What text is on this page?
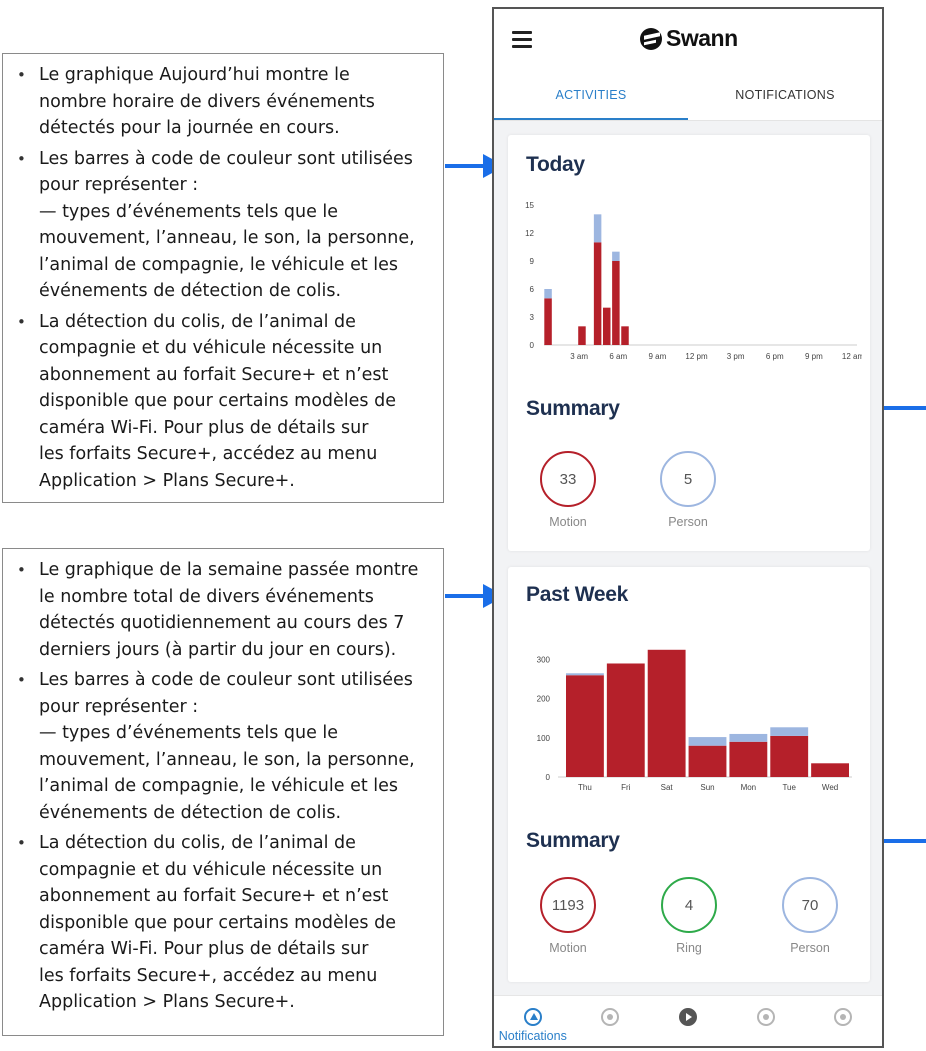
• Le graphique Aujourd’hui montre le
nombre horaire de divers événements
détectés pour la journée en cours.
• Les barres à code de couleur sont utilisées
pour représenter :
— types d’événements tels que le
mouvement, l’anneau, le son, la personne,
l’animal de compagnie, le véhicule et les
événements de détection de colis.
• La détection du colis, de l’animal de
compagnie et du véhicule nécessite un
abonnement au forfait Secure+ et n’est
disponible que pour certains modèles de
caméra Wi-Fi. Pour plus de détails sur
les forfaits Secure+, accédez au menu
Application > Plans Secure+.
• Le graphique de la semaine passée montre
le nombre total de divers événements
détectés quotidiennement au cours des 7
derniers jours (à partir du jour en cours).
• Les barres à code de couleur sont utilisées
pour représenter :
— types d’événements tels que le
mouvement, l’anneau, le son, la personne,
l’animal de compagnie, le véhicule et les
événements de détection de colis.
• La détection du colis, de l’animal de
compagnie et du véhicule nécessite un
abonnement au forfait Secure+ et n’est
disponible que pour certains modèles de
caméra Wi-Fi. Pour plus de détails sur
les forfaits Secure+, accédez au menu
Application > Plans Secure+.
Swann
ACTIVITIES	NOTIFICATIONS
Today
0
3
6
9
12
15
3 am	6 am	9 am 12 pm 3 pm	6 pm	9 pm 12 am
Summary
33
Motion
5
Person
Past Week
0
100
200
300
Thu	Fri	Sat	Sun	Mon	Tue	Wed
Summary
1193
Motion
4
Ring
70
Person
Notifications
